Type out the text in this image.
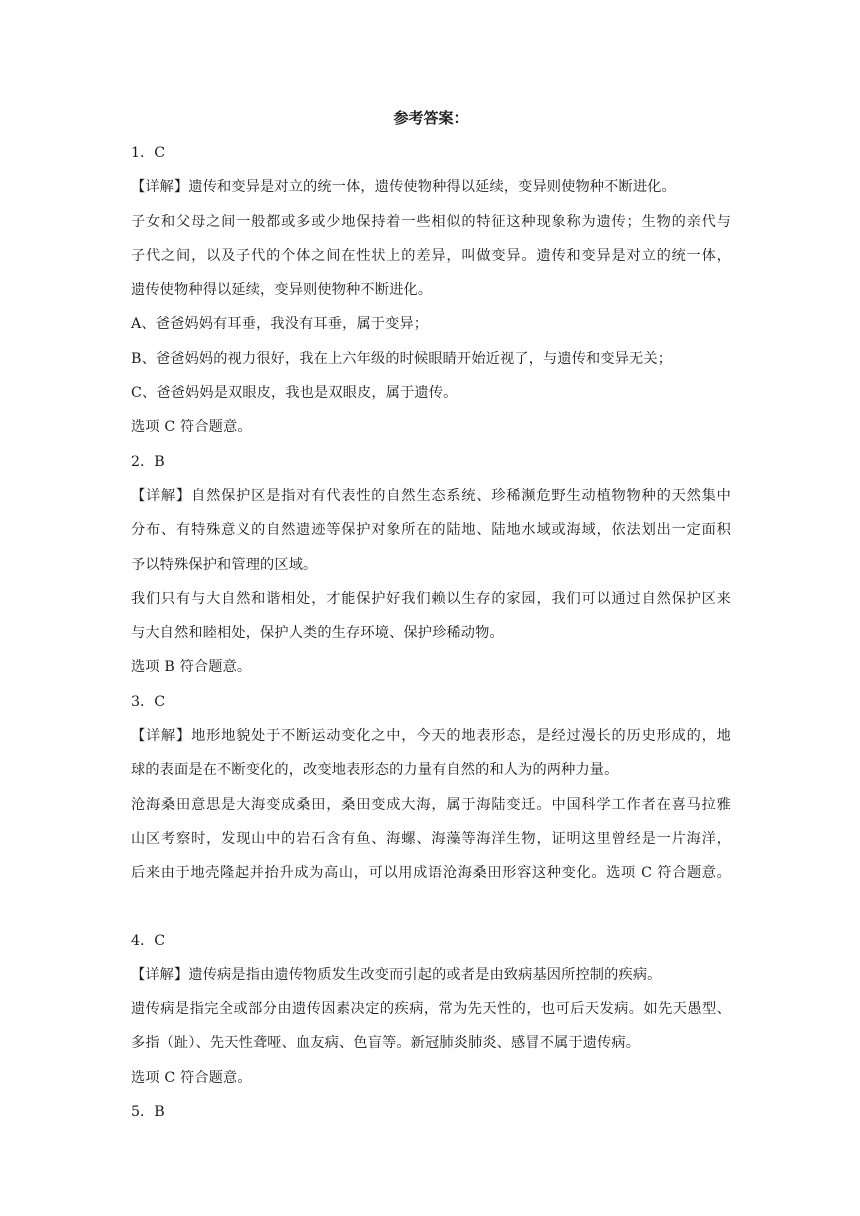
参考答案：
1．C
【详解】遗传和变异是对立的统一体，遗传使物种得以延续，变异则使物种不断进化。
子女和父母之间一般都或多或少地保持着一些相似的特征这种现象称为遗传；生物的亲代与
子代之间，以及子代的个体之间在性状上的差异，叫做变异。遗传和变异是对立的统一体，
遗传使物种得以延续，变异则使物种不断进化。
A、爸爸妈妈有耳垂，我没有耳垂，属于变异；
B、爸爸妈妈的视力很好，我在上六年级的时候眼睛开始近视了，与遗传和变异无关；
C、爸爸妈妈是双眼皮，我也是双眼皮，属于遗传。
选项 C 符合题意。
2．B
【详解】自然保护区是指对有代表性的自然生态系统、珍稀濒危野生动植物物种的天然集中
分布、有特殊意义的自然遗迹等保护对象所在的陆地、陆地水域或海域，依法划出一定面积
予以特殊保护和管理的区域。
我们只有与大自然和谐相处，才能保护好我们赖以生存的家园，我们可以通过自然保护区来
与大自然和睦相处，保护人类的生存环境、保护珍稀动物。
选项 B 符合题意。
3．C
【详解】地形地貌处于不断运动变化之中，今天的地表形态，是经过漫长的历史形成的，地
球的表面是在不断变化的，改变地表形态的力量有自然的和人为的两种力量。
沧海桑田意思是大海变成桑田，桑田变成大海，属于海陆变迁。中国科学工作者在喜马拉雅
山区考察时，发现山中的岩石含有鱼、海螺、海藻等海洋生物，证明这里曾经是一片海洋，
后来由于地壳隆起并抬升成为高山，可以用成语沧海桑田形容这种变化。选项 C 符合题意。
4．C
【详解】遗传病是指由遗传物质发生改变而引起的或者是由致病基因所控制的疾病。
遗传病是指完全或部分由遗传因素决定的疾病，常为先天性的，也可后天发病。如先天愚型、
多指（趾）、先天性聋哑、血友病、色盲等。新冠肺炎肺炎、感冒不属于遗传病。
选项 C 符合题意。
5．B
